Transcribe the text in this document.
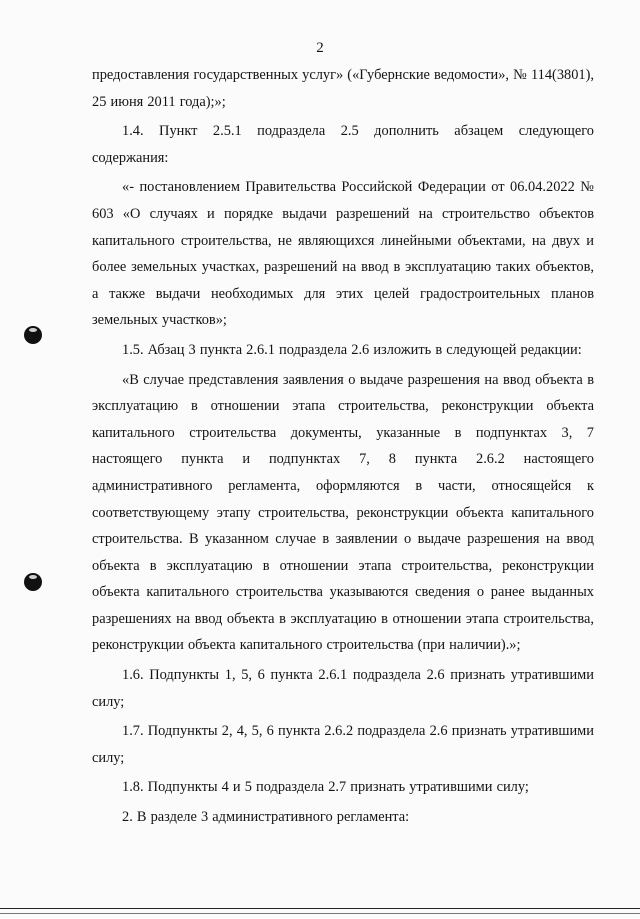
2

предоставления государственных услуг» («Губернские ведомости», № 114(3801), 25 июня 2011 года);»;

1.4. Пункт 2.5.1 подраздела 2.5 дополнить абзацем следующего содержания:

«- постановлением Правительства Российской Федерации от 06.04.2022 № 603 «О случаях и порядке выдачи разрешений на строительство объектов капитального строительства, не являющихся линейными объектами, на двух и более земельных участках, разрешений на ввод в эксплуатацию таких объектов, а также выдачи необходимых для этих целей градостроительных планов земельных участков»;

1.5. Абзац 3 пункта 2.6.1 подраздела 2.6 изложить в следующей редакции:

«В случае представления заявления о выдаче разрешения на ввод объекта в эксплуатацию в отношении этапа строительства, реконструкции объекта капитального строительства документы, указанные в подпунктах 3, 7 настоящего пункта и подпунктах 7, 8 пункта 2.6.2 настоящего административного регламента, оформляются в части, относящейся к соответствующему этапу строительства, реконструкции объекта капитального строительства. В указанном случае в заявлении о выдаче разрешения на ввод объекта в эксплуатацию в отношении этапа строительства, реконструкции объекта капитального строительства указываются сведения о ранее выданных разрешениях на ввод объекта в эксплуатацию в отношении этапа строительства, реконструкции объекта капитального строительства (при наличии).»;

1.6. Подпункты 1, 5, 6 пункта 2.6.1 подраздела 2.6 признать утратившими силу;

1.7. Подпункты 2, 4, 5, 6 пункта 2.6.2 подраздела 2.6 признать утратившими силу;

1.8. Подпункты 4 и 5 подраздела 2.7 признать утратившими силу;

2. В разделе 3 административного регламента:
